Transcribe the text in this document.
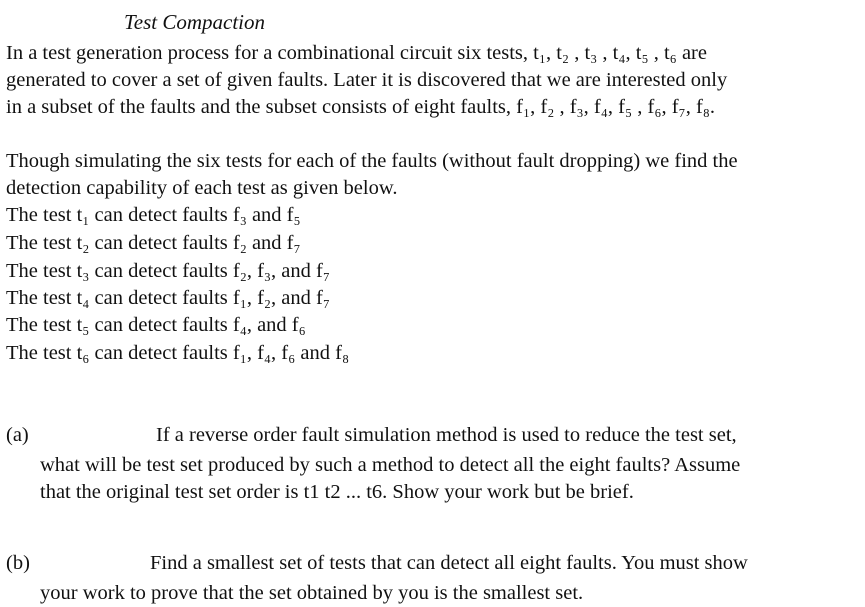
Test Compaction
In a test generation process for a combinational circuit six tests, t₁, t₂ , t₃ , t₄, t₅ , t₆ are
generated to cover a set of given faults. Later it is discovered that we are interested only
in a subset of the faults and the subset consists of eight faults, f₁, f₂ , f₃, f₄, f₅ , f₆, f₇, f₈.
Though simulating the six tests for each of the faults (without fault dropping) we find the
detection capability of each test as given below.
The test t₁ can detect faults f₃ and f₅
The test t₂ can detect faults f₂ and f₇
The test t₃ can detect faults f₂, f₃, and f₇
The test t₄ can detect faults f₁, f₂, and f₇
The test t₅ can detect faults f₄, and f₆
The test t₆ can detect faults f₁, f₄, f₆ and f₈
(a)	If a reverse order fault simulation method is used to reduce the test set,
what will be test set produced by such a method to detect all the eight faults? Assume
that the original test set order is t1 t2 ... t6. Show your work but be brief.
(b)	Find a smallest set of tests that can detect all eight faults. You must show
your work to prove that the set obtained by you is the smallest set.
